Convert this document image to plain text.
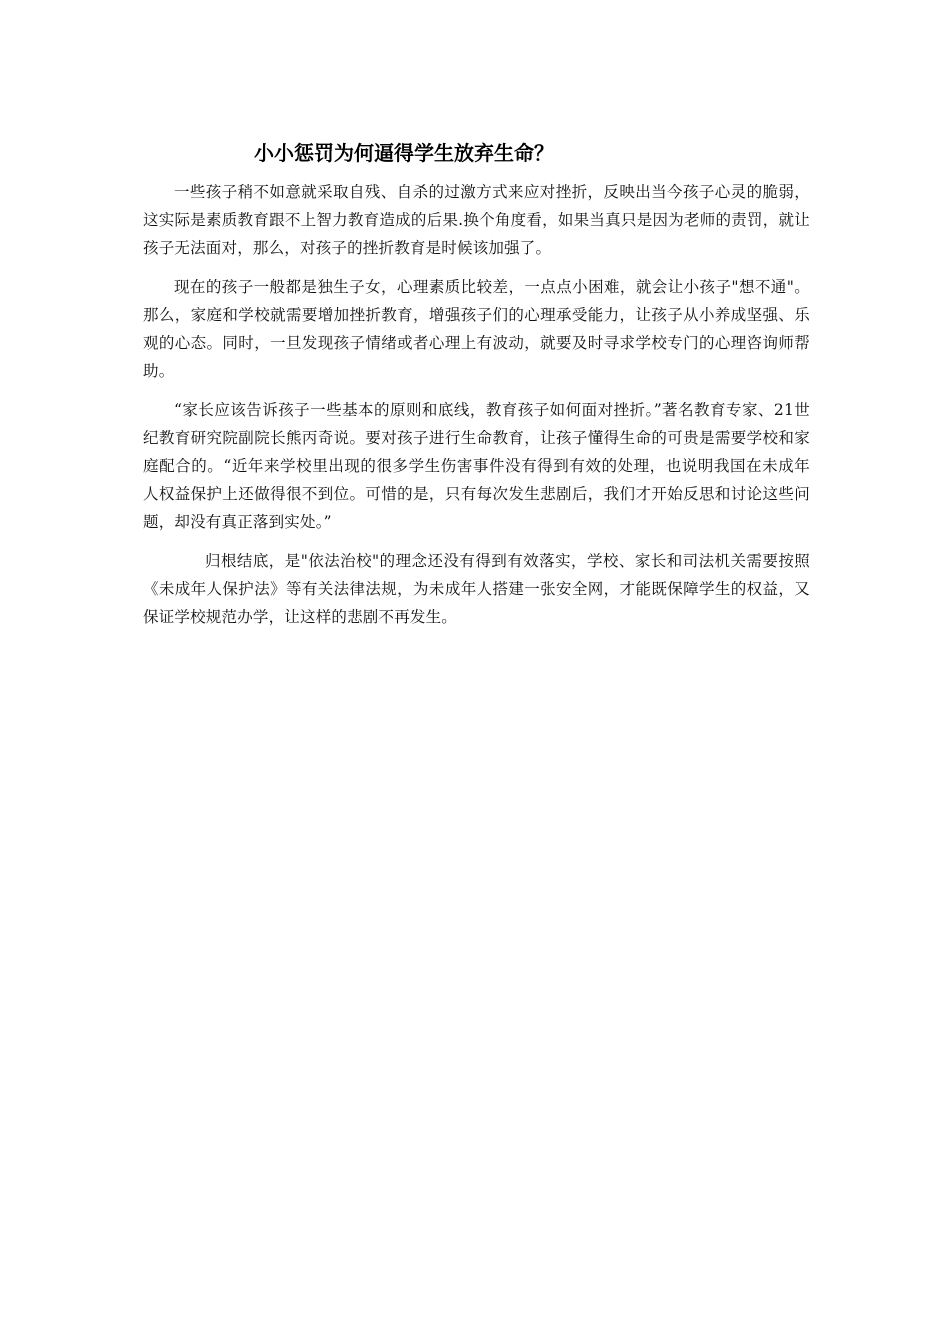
小小惩罚为何逼得学生放弃生命？

一些孩子稍不如意就采取自残、自杀的过激方式来应对挫折，反映出当今孩子心灵的脆弱，这实际是素质教育跟不上智力教育造成的后果.换个角度看，如果当真只是因为老师的责罚，就让孩子无法面对，那么，对孩子的挫折教育是时候该加强了。

现在的孩子一般都是独生子女，心理素质比较差，一点点小困难，就会让小孩子"想不通"。那么，家庭和学校就需要增加挫折教育，增强孩子们的心理承受能力，让孩子从小养成坚强、乐观的心态。同时，一旦发现孩子情绪或者心理上有波动，就要及时寻求学校专门的心理咨询师帮助。

“家长应该告诉孩子一些基本的原则和底线，教育孩子如何面对挫折。”著名教育专家、21世纪教育研究院副院长熊丙奇说。要对孩子进行生命教育，让孩子懂得生命的可贵是需要学校和家庭配合的。“近年来学校里出现的很多学生伤害事件没有得到有效的处理，也说明我国在未成年人权益保护上还做得很不到位。可惜的是，只有每次发生悲剧后，我们才开始反思和讨论这些问题，却没有真正落到实处。”

归根结底，是"依法治校"的理念还没有得到有效落实，学校、家长和司法机关需要按照《未成年人保护法》等有关法律法规，为未成年人搭建一张安全网，才能既保障学生的权益，又保证学校规范办学，让这样的悲剧不再发生。
